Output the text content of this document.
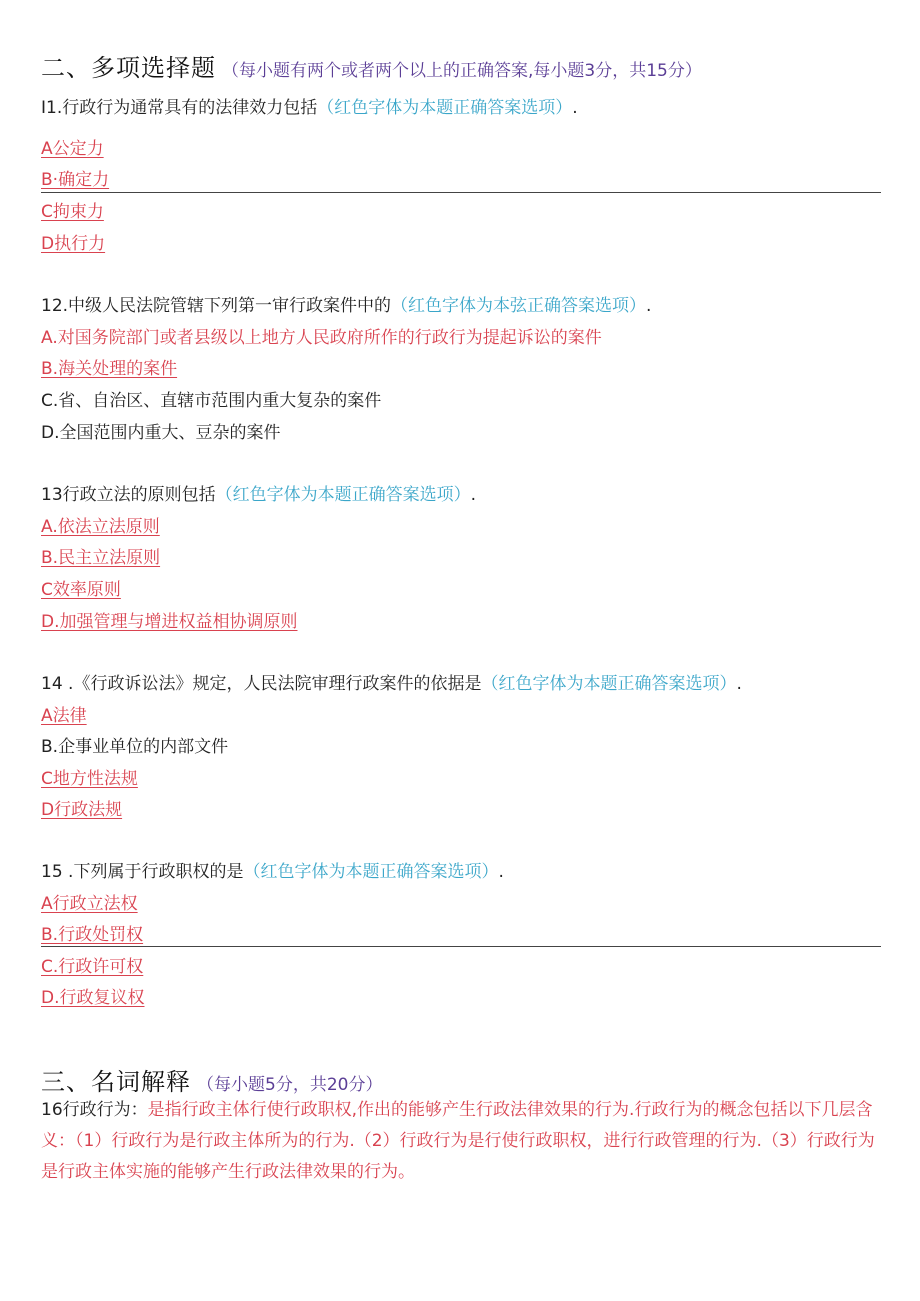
二、多项选择题 （每小题有两个或者两个以上的正确答案,每小题3分，共15分）
I1.行政行为通常具有的法律效力包括（红色字体为本题正确答案选项）.
A公定力
B·确定力
C拘束力
D执行力
12.中级人民法院管辖下列第一审行政案件中的（红色字体为本弦正确答案选项）.
A.对国务院部门或者县级以上地方人民政府所作的行政行为提起诉讼的案件
B.海关处理的案件
C.省、自治区、直辖市范围内重大复杂的案件
D.全国范围内重大、豆杂的案件
13行政立法的原则包括（红色字体为本题正确答案选项）.
A.依法立法原则
B.民主立法原则
C效率原则
D.加强管理与增进权益相协调原则
14 .《行政诉讼法》规定，人民法院审理行政案件的依据是（红色字体为本题正确答案选项）.
A法律
B.企事业单位的内部文件
C地方性法规
D行政法规
15 .下列属于行政职权的是（红色字体为本题正确答案选项）.
A行政立法权
B.行政处罚权
C.行政许可权
D.行政复议权
三、名词解释 （每小题5分，共20分）
16行政行为：是指行政主体行使行政职权,作出的能够产生行政法律效果的行为.行政行为的概念包括以下几层含义：（1）行政行为是行政主体所为的行为.（2）行政行为是行使行政职权，进行行政管理的行为.（3）行政行为是行政主体实施的能够产生行政法律效果的行为。
